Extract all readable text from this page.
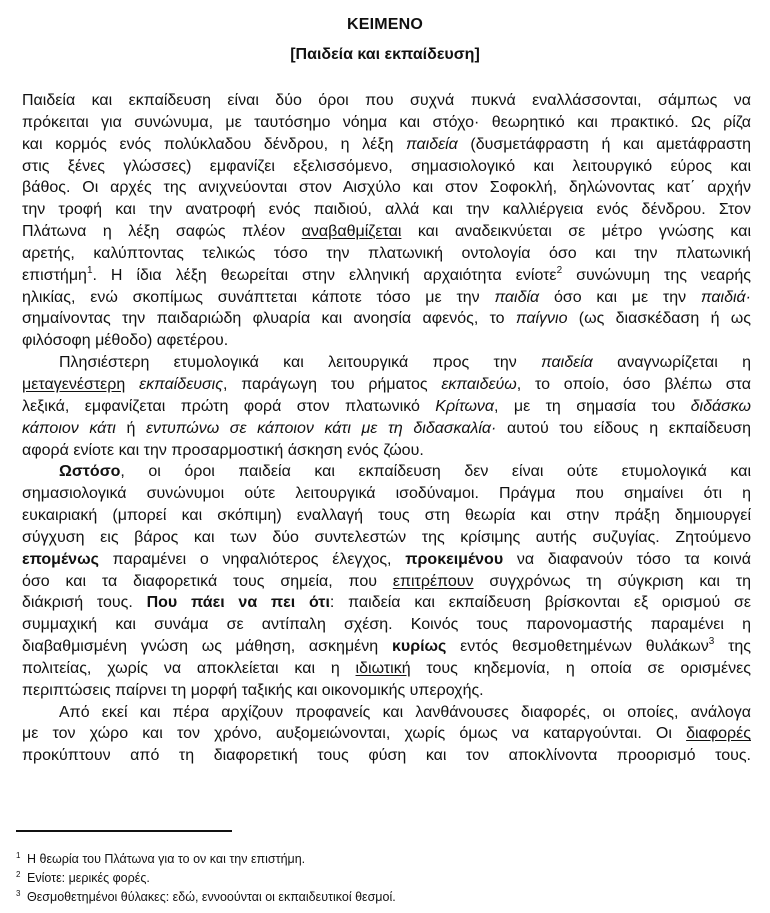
ΚΕΙΜΕΝΟ
[Παιδεία και εκπαίδευση]
Παιδεία και εκπαίδευση είναι δύο όροι που συχνά πυκνά εναλλάσσονται, σάμπως να
πρόκειται για συνώνυμα, με ταυτόσημο νόημα και στόχο· θεωρητικό και πρακτικό. Ως ρίζα
και κορμός ενός πολύκλαδου δένδρου, η λέξη παιδεία (δυσμετάφραστη ή και αμετάφραστη
στις ξένες γλώσσες) εμφανίζει εξελισσόμενο, σημασιολογικό και λειτουργικό εύρος και
βάθος. Οι αρχές της ανιχνεύονται στον Αισχύλο και στον Σοφοκλή, δηλώνοντας κατ΄ αρχήν
την τροφή και την ανατροφή ενός παιδιού, αλλά και την καλλιέργεια ενός δένδρου. Στον
Πλάτωνα η λέξη σαφώς πλέον αναβαθμίζεται και αναδεικνύεται σε μέτρο γνώσης και
αρετής, καλύπτοντας τελικώς τόσο την πλατωνική οντολογία όσο και την πλατωνική
επιστήμη$^1$. Η ίδια λέξη θεωρείται στην ελληνική αρχαιότητα ενίοτε$^2$ συνώνυμη της νεαρής
ηλικίας, ενώ σκοπίμως συνάπτεται κάποτε τόσο με την παιδία όσο και με την παιδιά·
σημαίνοντας την παιδαριώδη φλυαρία και ανοησία αφενός, το παίγνιο (ως διασκέδαση ή ως
φιλόσοφη μέθοδο) αφετέρου.
Πλησιέστερη ετυμολογικά και λειτουργικά προς την παιδεία αναγνωρίζεται η
μεταγενέστερη εκπαίδευσις, παράγωγη του ρήματος εκπαιδεύω, το οποίο, όσο βλέπω στα
λεξικά, εμφανίζεται πρώτη φορά στον πλατωνικό Κρίτωνα, με τη σημασία του διδάσκω
κάποιον κάτι ή εντυπώνω σε κάποιον κάτι με τη διδασκαλία· αυτού του είδους η εκπαίδευση
αφορά ενίοτε και την προσαρμοστική άσκηση ενός ζώου.
Ωστόσο, οι όροι παιδεία και εκπαίδευση δεν είναι ούτε ετυμολογικά και
σημασιολογικά συνώνυμοι ούτε λειτουργικά ισοδύναμοι. Πράγμα που σημαίνει ότι η
ευκαιριακή (μπορεί και σκόπιμη) εναλλαγή τους στη θεωρία και στην πράξη δημιουργεί
σύγχυση εις βάρος και των δύο συντελεστών της κρίσιμης αυτής συζυγίας. Ζητούμενο
επομένως παραμένει ο νηφαλιότερος έλεγχος, προκειμένου να διαφανούν τόσο τα κοινά
όσο και τα διαφορετικά τους σημεία, που επιτρέπουν συγχρόνως τη σύγκριση και τη
διάκρισή τους. Που πάει να πει ότι: παιδεία και εκπαίδευση βρίσκονται εξ ορισμού σε
συμμαχική και συνάμα σε αντίπαλη σχέση. Κοινός τους παρονομαστής παραμένει η
διαβαθμισμένη γνώση ως μάθηση, ασκημένη κυρίως εντός θεσμοθετημένων θυλάκων$^3$ της
πολιτείας, χωρίς να αποκλείεται και η ιδιωτική τους κηδεμονία, η οποία σε ορισμένες
περιπτώσεις παίρνει τη μορφή ταξικής και οικονομικής υπεροχής.
Από εκεί και πέρα αρχίζουν προφανείς και λανθάνουσες διαφορές, οι οποίες, ανάλογα
με τον χώρο και τον χρόνο, αυξομειώνονται, χωρίς όμως να καταργούνται. Οι διαφορές
προκύπτουν από τη διαφορετική τους φύση και τον αποκλίνοντα προορισμό τους.
1 Η θεωρία του Πλάτωνα για το ον και την επιστήμη.
2 Ενίοτε: μερικές φορές.
3 Θεσμοθετημένοι θύλακες: εδώ, εννοούνται οι εκπαιδευτικοί θεσμοί.
